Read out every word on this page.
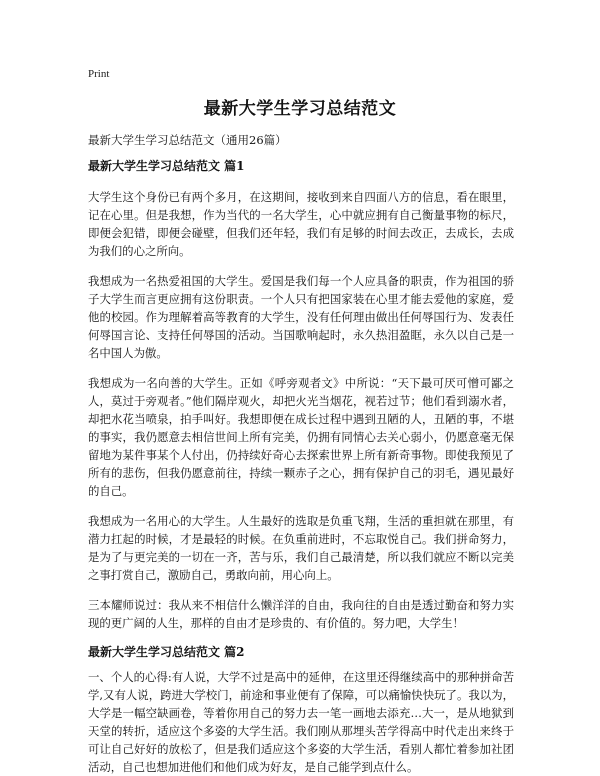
Print
最新大学生学习总结范文
最新大学生学习总结范文（通用26篇）
最新大学生学习总结范文 篇1

大学生这个身份已有两个多月，在这期间，接收到来自四面八方的信息，看在眼里，记在心里。但是我想，作为当代的一名大学生，心中就应拥有自己衡量事物的标尺，即便会犯错，即便会碰壁，但我们还年轻，我们有足够的时间去改正，去成长，去成为我们的心之所向。

我想成为一名热爱祖国的大学生。爱国是我们每一个人应具备的职责，作为祖国的骄子大学生而言更应拥有这份职责。一个人只有把国家装在心里才能去爱他的家庭，爱他的校园。作为理解着高等教育的大学生，没有任何理由做出任何辱国行为、发表任何辱国言论、支持任何辱国的活动。当国歌响起时，永久热泪盈眶，永久以自己是一名中国人为傲。

我想成为一名向善的大学生。正如《呼旁观者文》中所说：“天下最可厌可憎可鄙之人，莫过于旁观者。”他们隔岸观火，却把火光当烟花，视若过节；他们看到溺水者，却把水花当喷泉，拍手叫好。我想即便在成长过程中遇到丑陋的人，丑陋的事，不堪的事实，我仍愿意去相信世间上所有完美，仍拥有同情心去关心弱小，仍愿意毫无保留地为某件事某个人付出，仍持续好奇心去探索世界上所有新奇事物。即使我预见了所有的悲伤，但我仍愿意前往，持续一颗赤子之心，拥有保护自己的羽毛，遇见最好的自己。

我想成为一名用心的大学生。人生最好的选取是负重飞翔，生活的重担就在那里，有潜力扛起的时候，才是最轻的时候。在负重前进时，不忘取悦自己。我们拼命努力，是为了与更完美的一切在一齐，苦与乐，我们自己最清楚，所以我们就应不断以完美之事打赏自己，激励自己，勇敢向前，用心向上。

三本耀师说过：我从来不相信什么懒洋洋的自由，我向往的自由是透过勤奋和努力实现的更广阔的人生，那样的自由才是珍贵的、有价值的。努力吧，大学生！

最新大学生学习总结范文 篇2

一、个人的心得:有人说，大学不过是高中的延伸，在这里还得继续高中的那种拼命苦学,又有人说，跨进大学校门，前途和事业便有了保障，可以痛愉快快玩了。我以为，大学是一幅空缺画卷，等着你用自己的努力去一笔一画地去添充…大一，是从地狱到天堂的转折，适应这个多姿的大学生活。我们刚从那埋头苦学得高中时代走出来终于可让自己好好的放松了，但是我们适应这个多姿的大学生活，看别人都忙着参加社团活动，自己也想加进他们和他们成为好友，是自己能学到点什么。
